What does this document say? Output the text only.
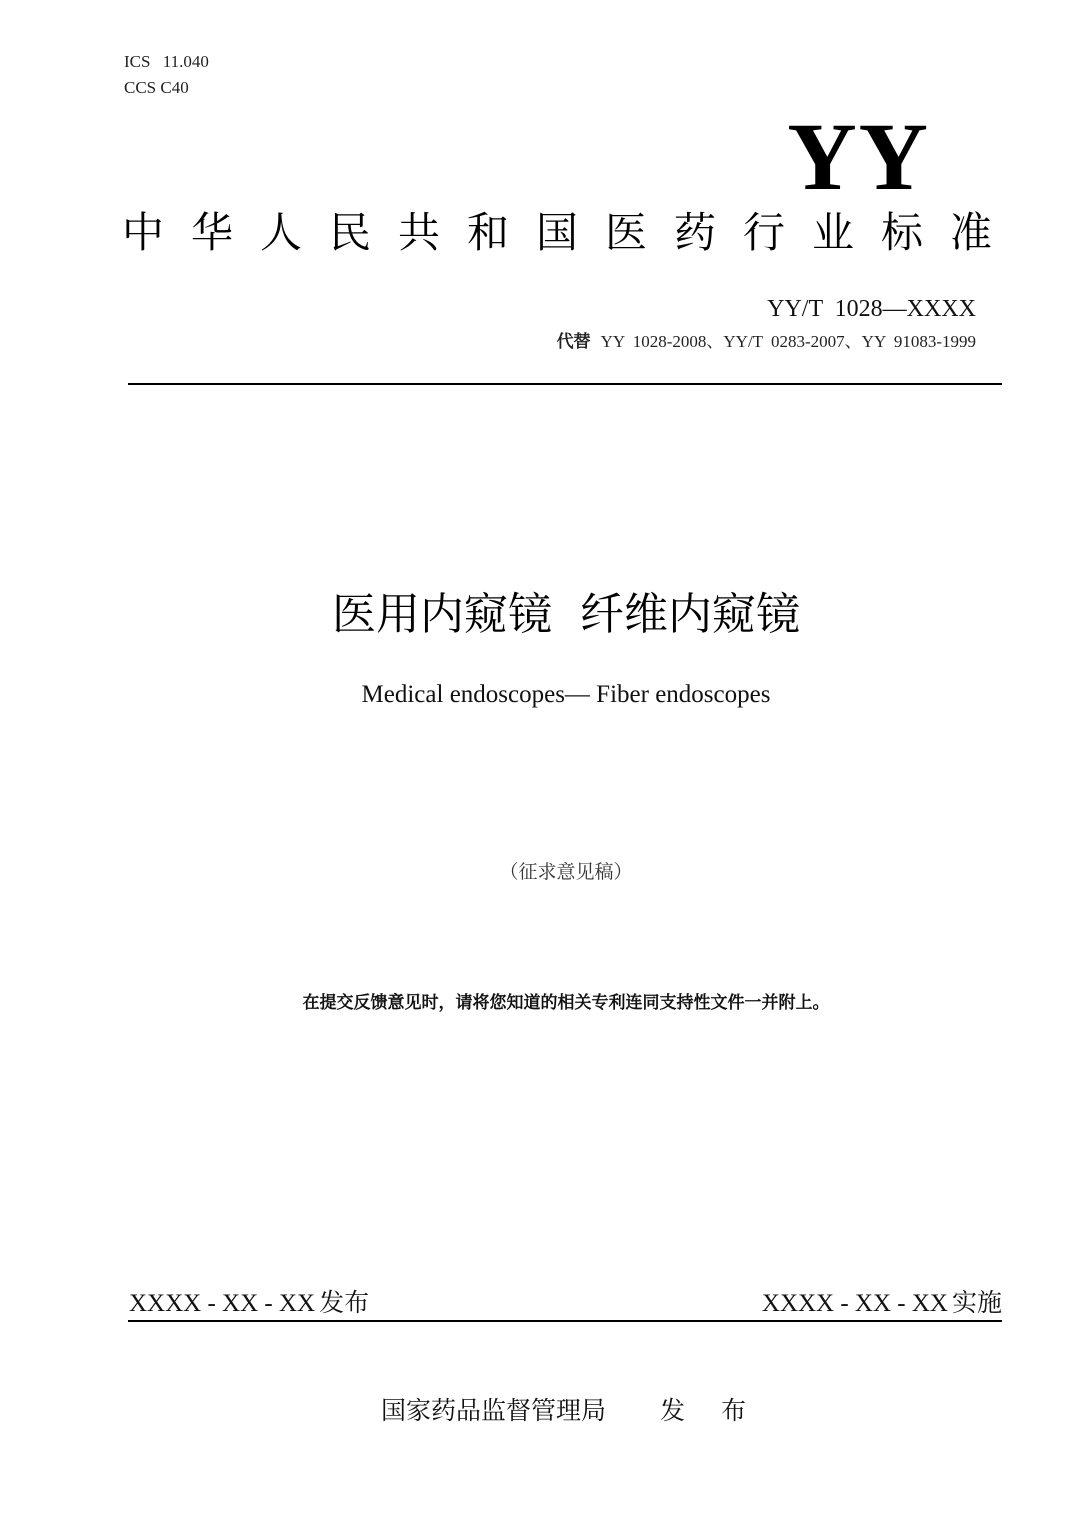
ICS 11.040
CCS C40
YY
中华人民共和国医药行业标准
YY/T 1028—XXXX
代替 YY 1028-2008、YY/T 0283-2007、YY 91083-1999
医用内窥镜  纤维内窥镜
Medical endoscopes— Fiber endoscopes
（征求意见稿）
在提交反馈意见时，请将您知道的相关专利连同支持性文件一并附上。
XXXX - XX - XX 发布	XXXX - XX - XX 实施
国家药品监督管理局 发 布
